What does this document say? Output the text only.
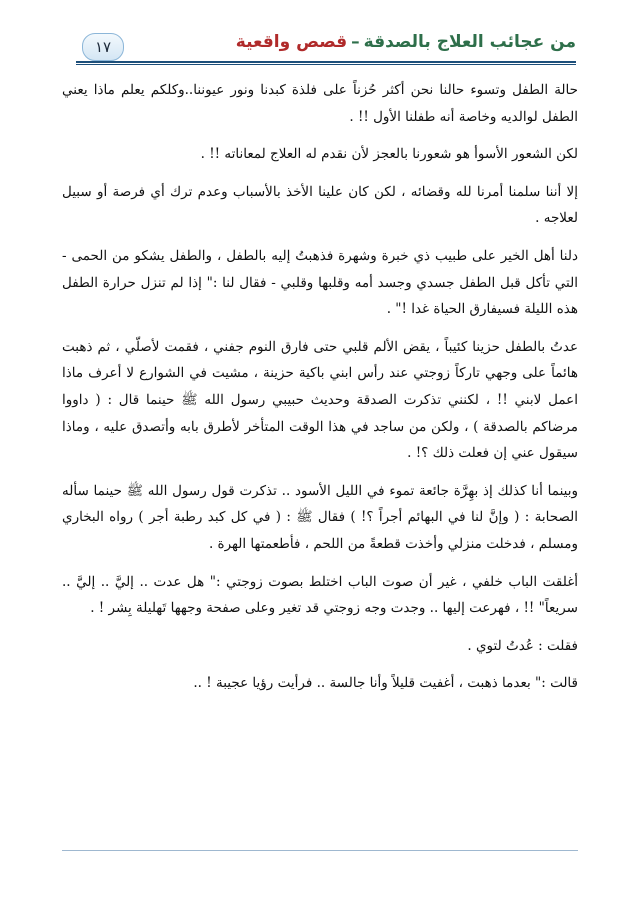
من عجائب العلاج بالصدقة–قصص واقعية
١٧

حالة الطفل وتسوء حالنا نحن أكثر حُزناً على فلذة كبدنا ونور عيوننا..وكلكم يعلم ماذا يعني الطفل لوالديه وخاصة أنه طفلنا الأول !! .

لكن الشعور الأسوأ هو شعورنا بالعجز لأن نقدم له العلاج لمعاناته !! .

إلا أننا سلمنا أمرنا لله وقضائه ، لكن كان علينا الأخذ بالأسباب وعدم ترك أي فرصة أو سبيل لعلاجه .

دلنا أهل الخير على طبيب ذي خبرة وشهرة فذهبتُ إليه بالطفل ، والطفل يشكو من الحمى - التي تأكل قبل الطفل جسدي وجسد أمه وقلبها وقلبي - فقال لنا :" إذا لم تنزل حرارة الطفل هذه الليلة فسيفارق الحياة غدا !" .

عدتُ بالطفل حزينا كئيباً ، يقض الألم قلبي حتى فارق النوم جفني ، فقمت لأصلّي ، ثم ذهبت هائماً على وجهي تاركاً زوجتي عند رأس ابني باكية حزينة ، مشيت في الشوارع لا أعرف ماذا اعمل لابني !! ، لكنني تذكرت الصدقة وحديث حبيبي رسول الله ﷺ حينما قال : ( داووا مرضاكم بالصدقة ) ، ولكن من ساجد في هذا الوقت المتأخر لأطرق بابه وأتصدق عليه ، وماذا سيقول عني إن فعلت ذلك ؟! .

وبينما أنا كذلك إذ بهِرَّة جائعة تموء في الليل الأسود .. تذكرت قول رسول الله ﷺ حينما سأله الصحابة : ( وإنَّ لنا في البهائم أجراً ؟! ) فقال ﷺ : ( في كل كبد رطبة أجر ) رواه البخاري ومسلم ، فدخلت منزلي وأخذت قطعةً من اللحم ، فأطعمتها الهرة .

أغلقت الباب خلفي ، غير أن صوت الباب اختلط بصوت زوجتي :" هل عدت .. إليَّ .. إليَّ .. سريعاً" !! ، فهرعت إليها .. وجدت وجه زوجتي قد تغير وعلى صفحة وجهها تَهليلة بِشر ! .

فقلت : عُدتُ لتوي .

قالت :" بعدما ذهبت ، أغفيت قليلاً وأنا جالسة .. فرأيت رؤيا عجيبة ! ..
